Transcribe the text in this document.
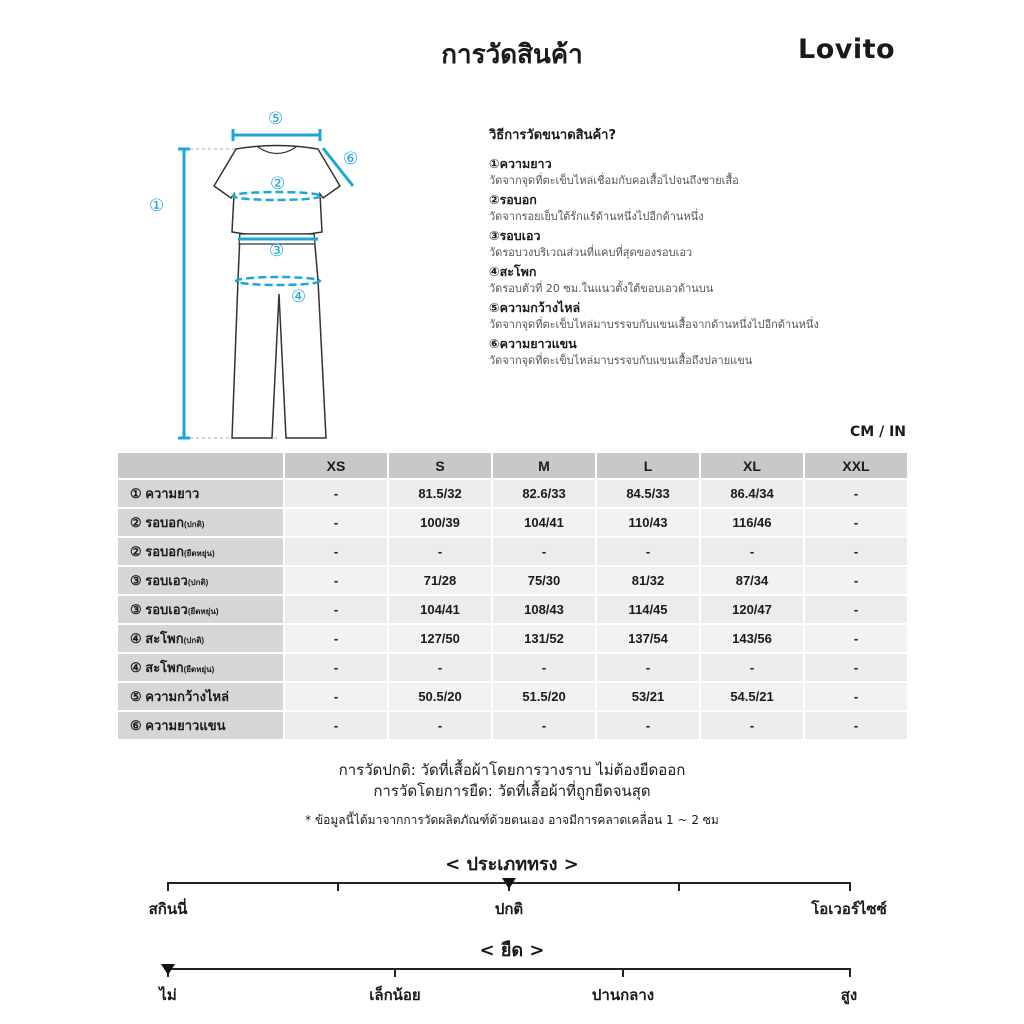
การวัดสินค้า	Lovito
①
②
③
④
⑤
⑥
วิธีการวัดขนาดสินค้า?
①ความยาว
วัดจากจุดที่ตะเข็บไหล่เชื่อมกับคอเสื้อไปจนถึงชายเสื้อ
②รอบอก
วัดจากรอยเย็บใต้รักแร้ด้านหนึ่งไปอีกด้านหนึ่ง
③รอบเอว
วัดรอบวงบริเวณส่วนที่แคบที่สุดของรอบเอว
④สะโพก
วัดรอบตัวที่ 20 ซม.ในแนวตั้งใต้ขอบเอวด้านบน
⑤ความกว้างไหล่
วัดจากจุดที่ตะเข็บไหล่มาบรรจบกับแขนเสื้อจากด้านหนึ่งไปอีกด้านหนึ่ง
⑥ความยาวแขน
วัดจากจุดที่ตะเข็บไหล่มาบรรจบกับแขนเสื้อถึงปลายแขน
CM / IN
	XS	S	M	L	XL	XXL
① ความยาว	-	81.5/32	82.6/33	84.5/33	86.4/34	-
② รอบอก(ปกติ)	-	100/39	104/41	110/43	116/46	-
② รอบอก(ยืดหยุ่น)	-	-	-	-	-	-
③ รอบเอว(ปกติ)	-	71/28	75/30	81/32	87/34	-
③ รอบเอว(ยืดหยุ่น)	-	104/41	108/43	114/45	120/47	-
④ สะโพก(ปกติ)	-	127/50	131/52	137/54	143/56	-
④ สะโพก(ยืดหยุ่น)	-	-	-	-	-	-
⑤ ความกว้างไหล่	-	50.5/20	51.5/20	53/21	54.5/21	-
⑥ ความยาวแขน	-	-	-	-	-	-
การวัดปกติ: วัดที่เสื้อผ้าโดยการวางราบ ไม่ต้องยืดออก
การวัดโดยการยืด: วัดที่เสื้อผ้าที่ถูกยืดจนสุด
* ข้อมูลนี้ได้มาจากการวัดผลิตภัณฑ์ด้วยตนเอง อาจมีการคลาดเคลื่อน 1 ~ 2 ซม
< ประเภททรง >
สกินนี่	ปกติ	โอเวอร์ไซซ์
< ยืด >
ไม่	เล็กน้อย	ปานกลาง	สูง
